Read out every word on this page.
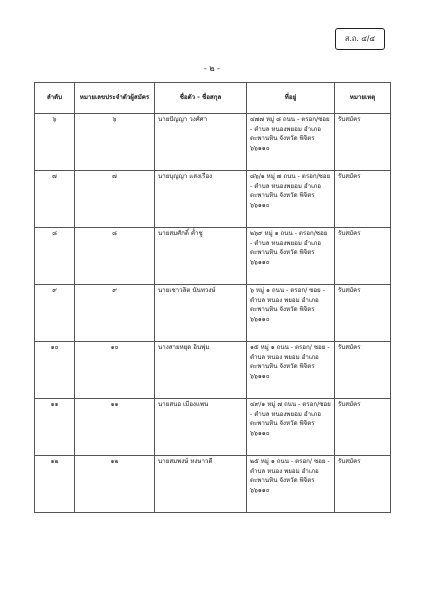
ส.ถ. ๔/๔
- ๒ -
ลำดับ	หมายเลขประจำตัวผู้สมัคร	ชื่อตัว - ชื่อสกุล	ที่อยู่	หมายเหตุ
๖	๖	นายปัญญา วงศ์ศา	๔๗๗ หมู่ ๘ ถนน - ตรอก/ซอย - ตำบล หนองพยอม อำเภอ ตะพานหิน จังหวัด พิจิตร ๖๖๑๑๐	รับสมัคร
๗	๗	นายบุญญา แสงเรือง	๘๖/๑ หมู่ ๗ ถนน - ตรอก/ซอย - ตำบล หนองพยอม อำเภอ ตะพานหิน จังหวัด พิจิตร ๖๖๑๑๐	รับสมัคร
๘	๘	นายสมศักดิ์ ค้ำชู	๒๖๙ หมู่ ๑ ถนน - ตรอก/ซอย - ตำบล หนองพยอม อำเภอ ตะพานหิน จังหวัด พิจิตร ๖๖๑๑๐	รับสมัคร
๙	๙	นายเชาวลิต นันทวงษ์	๖ หมู่ ๑ ถนน - ตรอก/ ซอย - ตำบล หนอง พยอม อำเภอ ตะพานหิน จังหวัด พิจิตร ๖๖๑๑๐	รับสมัคร
๑๐	๑๐	นางสายหยุด อินพุ่ม	๑๕ หมู่ ๑ ถนน - ตรอก/ ซอย - ตำบล หนอง พยอม อำเภอ ตะพานหิน จังหวัด พิจิตร ๖๖๑๑๐	รับสมัคร
๑๑	๑๑	นายสนอ เมืองแพน	๔๙/๑ หมู่ ๗ ถนน - ตรอก/ซอย - ตำบล หนองพยอม อำเภอ ตะพานหิน จังหวัด พิจิตร ๖๖๑๑๐	รับสมัคร
๑๒	๑๒	นายสมพงษ์ หงษาวดี	๒๕ หมู่ ๑ ถนน - ตรอก/ ซอย - ตำบล หนอง พยอม อำเภอ ตะพานหิน จังหวัด พิจิตร ๖๖๑๑๐	รับสมัคร
